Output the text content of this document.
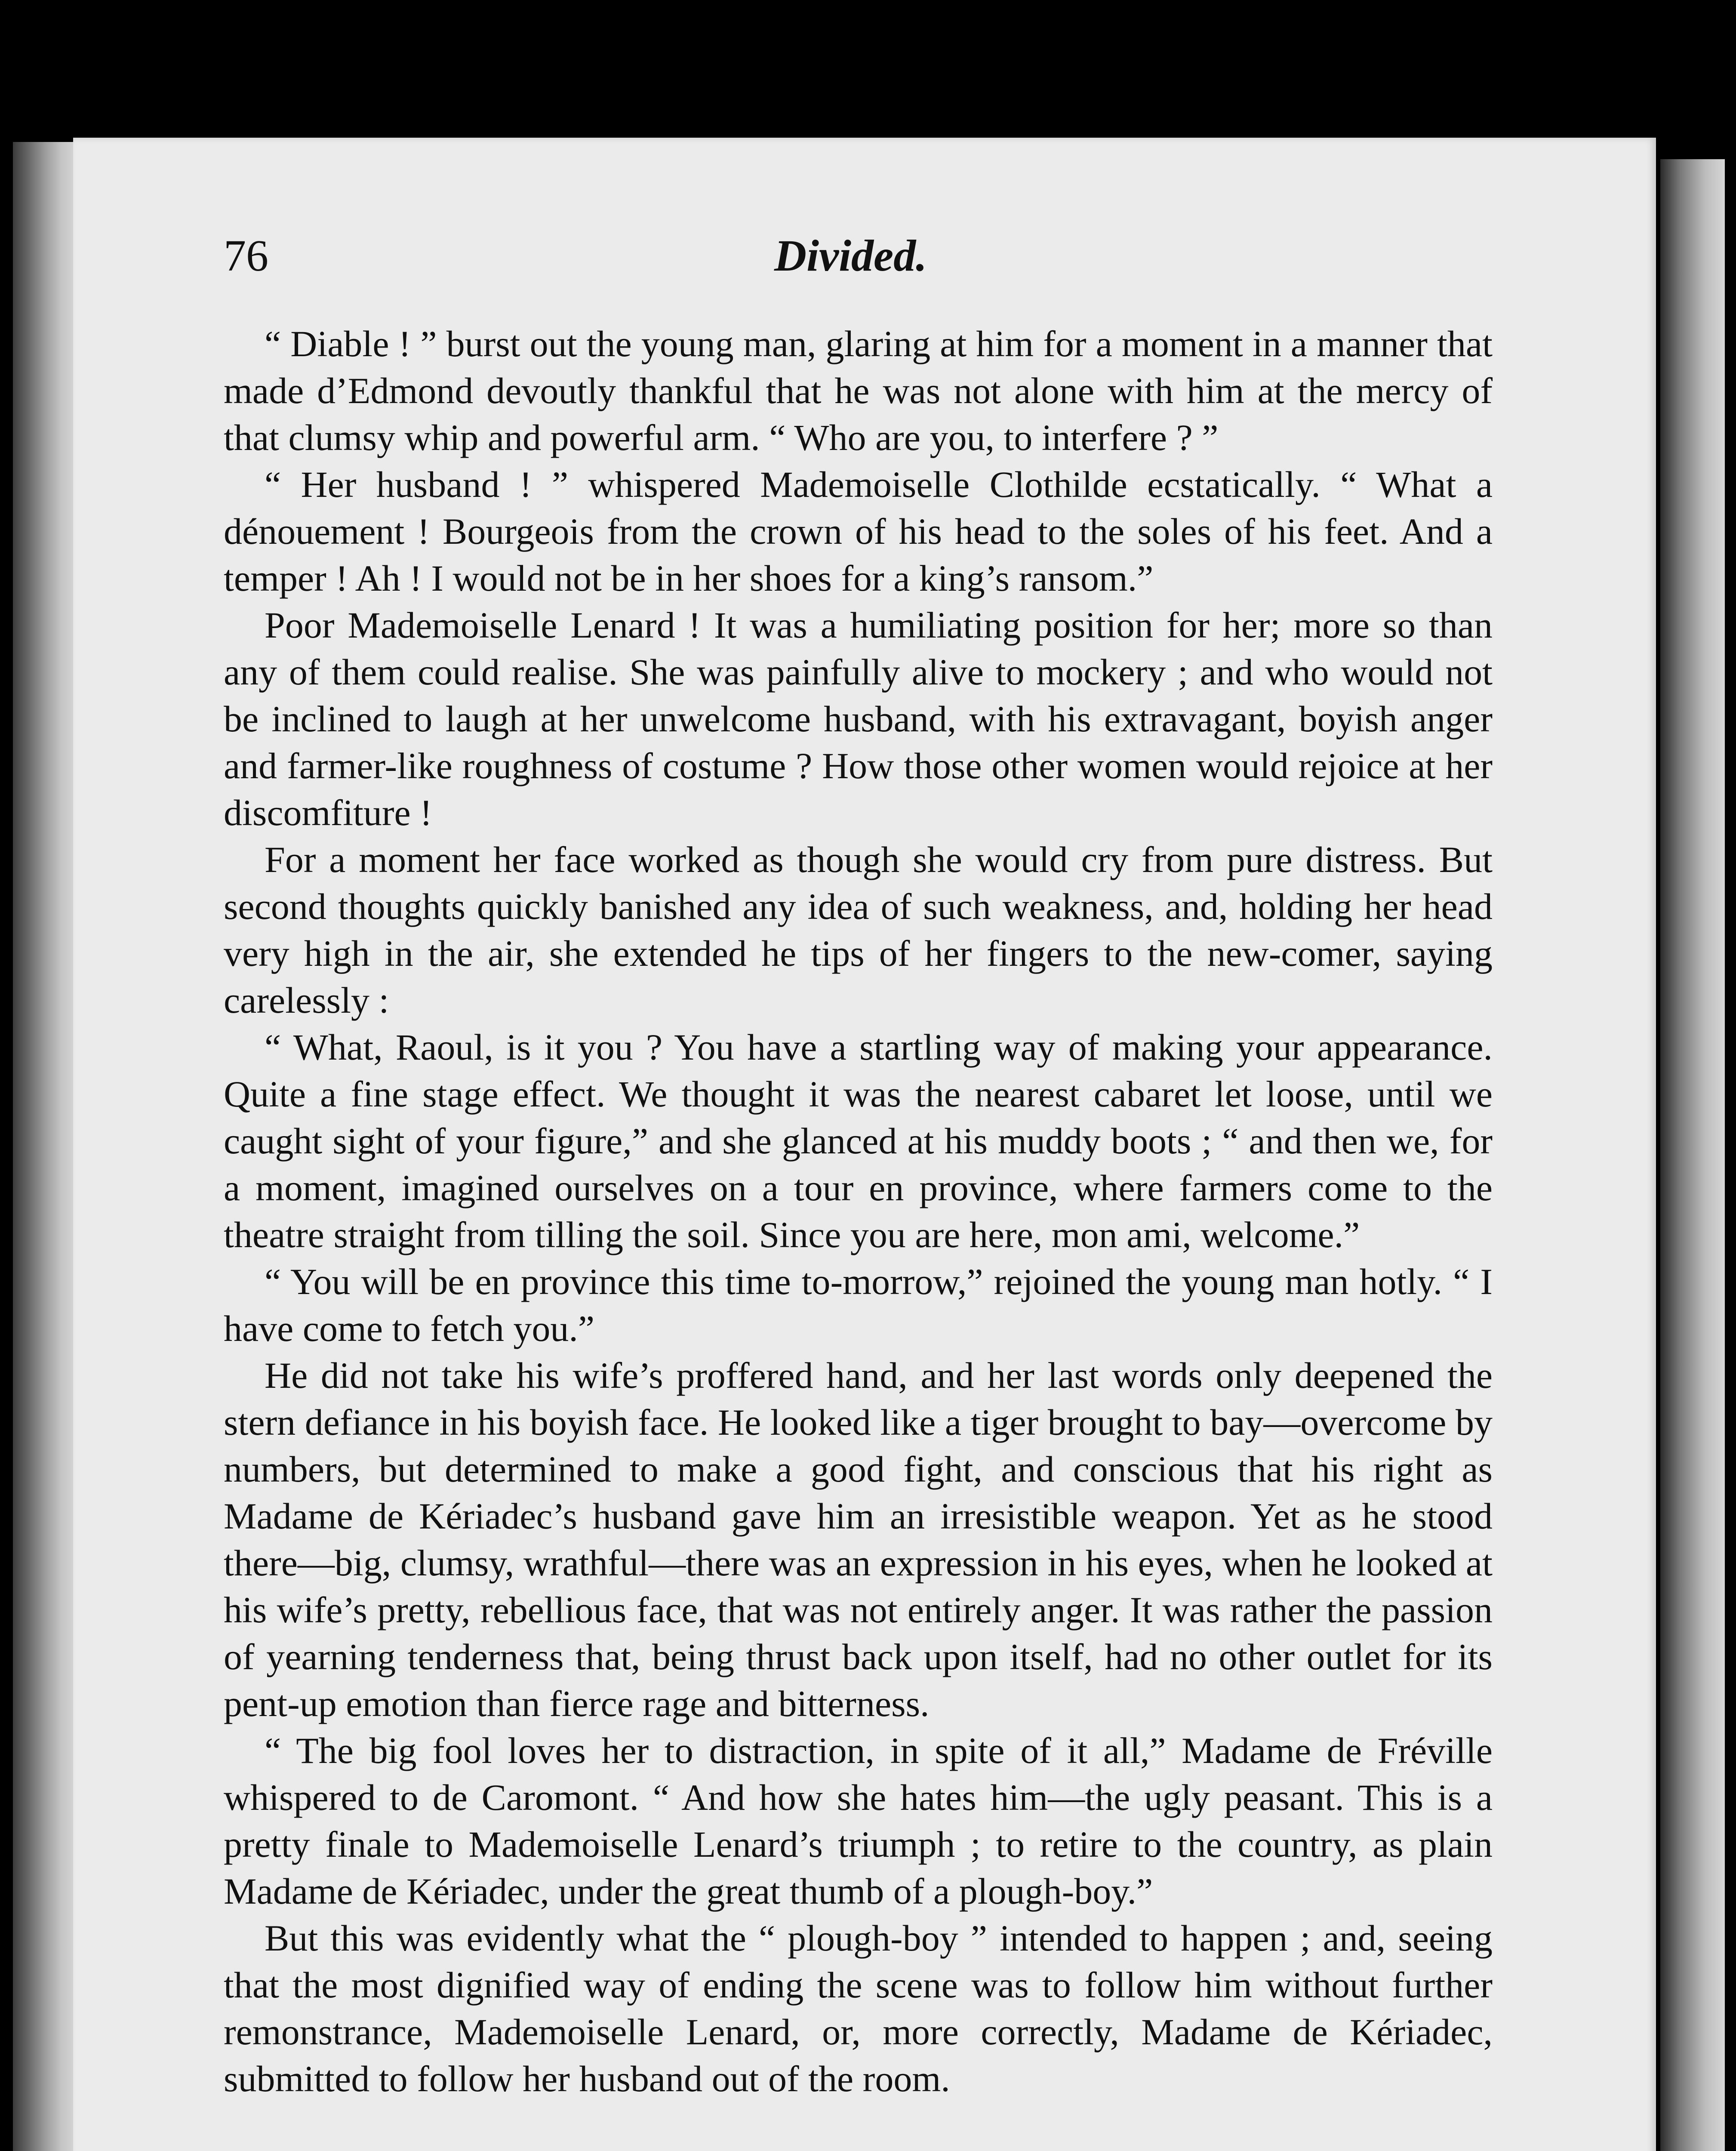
76	Divided.

“ Diable ! ” burst out the young man, glaring at him for a moment in a manner that made d’Edmond devoutly thankful that he was not alone with him at the mercy of that clumsy whip and powerful arm. “ Who are you, to interfere ? ”

“ Her husband ! ” whispered Mademoiselle Clothilde ecstatically. “ What a dénouement ! Bourgeois from the crown of his head to the soles of his feet. And a temper ! Ah ! I would not be in her shoes for a king’s ransom.”

Poor Mademoiselle Lenard ! It was a humiliating position for her; more so than any of them could realise. She was painfully alive to mockery ; and who would not be inclined to laugh at her unwelcome husband, with his extravagant, boyish anger and farmer-like roughness of costume ? How those other women would rejoice at her discomfiture !

For a moment her face worked as though she would cry from pure distress. But second thoughts quickly banished any idea of such weakness, and, holding her head very high in the air, she extended he tips of her fingers to the new-comer, saying carelessly :

“ What, Raoul, is it you ? You have a startling way of making your appearance. Quite a fine stage effect. We thought it was the nearest cabaret let loose, until we caught sight of your figure,” and she glanced at his muddy boots ; “ and then we, for a moment, imagined ourselves on a tour en province, where farmers come to the theatre straight from tilling the soil. Since you are here, mon ami, welcome.”

“ You will be en province this time to-morrow,” rejoined the young man hotly. “ I have come to fetch you.”

He did not take his wife’s proffered hand, and her last words only deepened the stern defiance in his boyish face. He looked like a tiger brought to bay—overcome by numbers, but determined to make a good fight, and conscious that his right as Madame de Kériadec’s husband gave him an irresistible weapon. Yet as he stood there—big, clumsy, wrathful—there was an expression in his eyes, when he looked at his wife’s pretty, rebellious face, that was not entirely anger. It was rather the passion of yearning tenderness that, being thrust back upon itself, had no other outlet for its pent-up emotion than fierce rage and bitterness.

“ The big fool loves her to distraction, in spite of it all,” Madame de Fréville whispered to de Caromont. “ And how she hates him—the ugly peasant. This is a pretty finale to Mademoiselle Lenard’s triumph ; to retire to the country, as plain Madame de Kériadec, under the great thumb of a plough-boy.”

But this was evidently what the “ plough-boy ” intended to happen ; and, seeing that the most dignified way of ending the scene was to follow him without further remonstrance, Mademoiselle Lenard, or, more correctly, Madame de Kériadec, submitted to follow her husband out of the room.
